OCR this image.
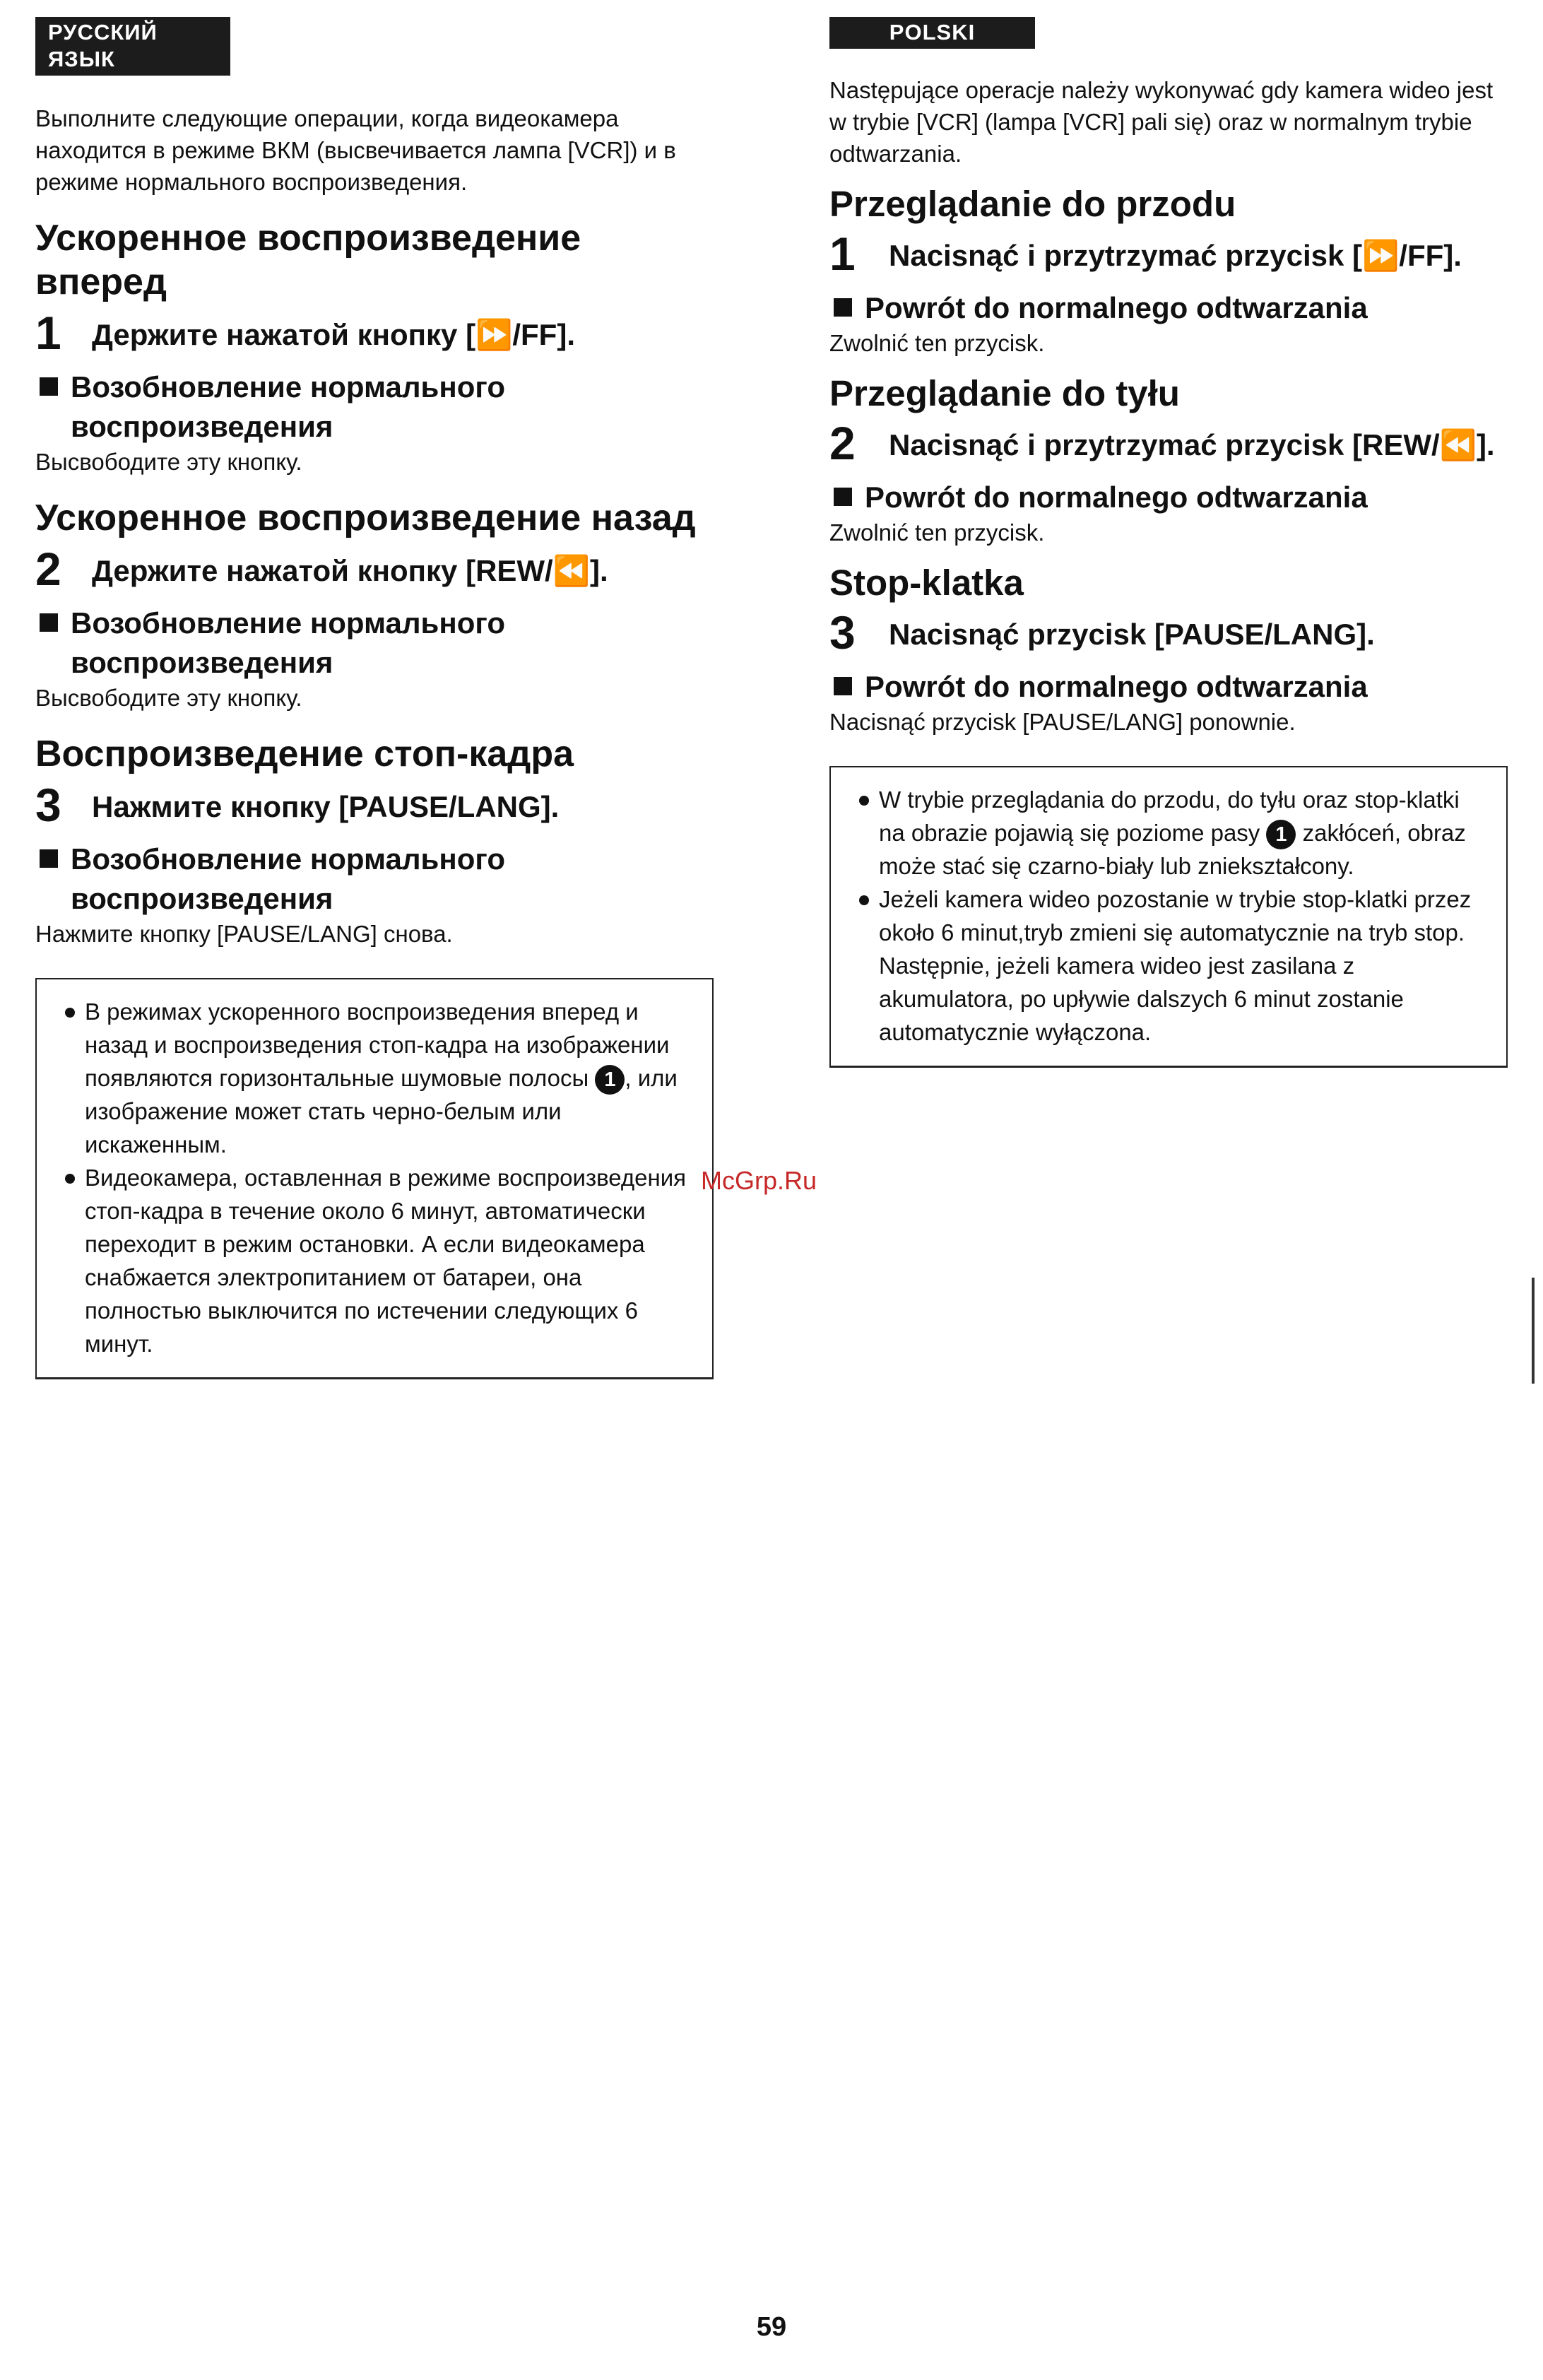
РУССКИЙ ЯЗЫК
Выполните следующие операции, когда видеокамера находится в режиме ВКМ (высвечивается лампа [VCR]) и в режиме нормального воспроизведения.
Ускоренное воспроизведение вперед
1	Держите нажатой кнопку [⏩/FF].
Возобновление нормального воспроизведения
Высвободите эту кнопку.
Ускоренное воспроизведение назад
2	Держите нажатой кнопку [REW/⏪].
Возобновление нормального воспроизведения
Высвободите эту кнопку.
Воспроизведение стоп-кадра
3	Нажмите кнопку [PAUSE/LANG].
Возобновление нормального воспроизведения
Нажмите кнопку [PAUSE/LANG] снова.
В режимах ускоренного воспроизведения вперед и назад и воспроизведения стоп-кадра на изображении появляются горизонтальные шумовые полосы 1 , или изображение может стать черно-белым или искаженным.
Видеокамера, оставленная в режиме воспроизведения стоп-кадра в течение около 6 минут, автоматически переходит в режим остановки. А если видеокамера снабжается электропитанием от батареи, она полностью выключится по истечении следующих 6 минут.
POLSKI
Następujące operacje należy wykonywać gdy kamera wideo jest w trybie [VCR] (lampa [VCR] pali się) oraz w normalnym trybie odtwarzania.
Przeglądanie do przodu
1	Nacisnąć i przytrzymać przycisk [⏩/FF].
Powrót do normalnego odtwarzania
Zwolnić ten przycisk.
Przeglądanie do tyłu
2	Nacisnąć i przytrzymać przycisk [REW/⏪].
Powrót do normalnego odtwarzania
Zwolnić ten przycisk.
Stop-klatka
3	Nacisnąć przycisk [PAUSE/LANG].
Powrót do normalnego odtwarzania
Nacisnąć przycisk [PAUSE/LANG] ponownie.
W trybie przeglądania do przodu, do tyłu oraz stop-klatki na obrazie pojawią się poziome pasy 1 zakłóceń, obraz może stać się czarno-biały lub zniekształcony.
Jeżeli kamera wideo pozostanie w trybie stop-klatki przez około 6 minut,tryb zmieni się automatycznie na tryb stop. Następnie, jeżeli kamera wideo jest zasilana z akumulatora, po upływie dalszych 6 minut zostanie automatycznie wyłączona.
McGrp.Ru
59
